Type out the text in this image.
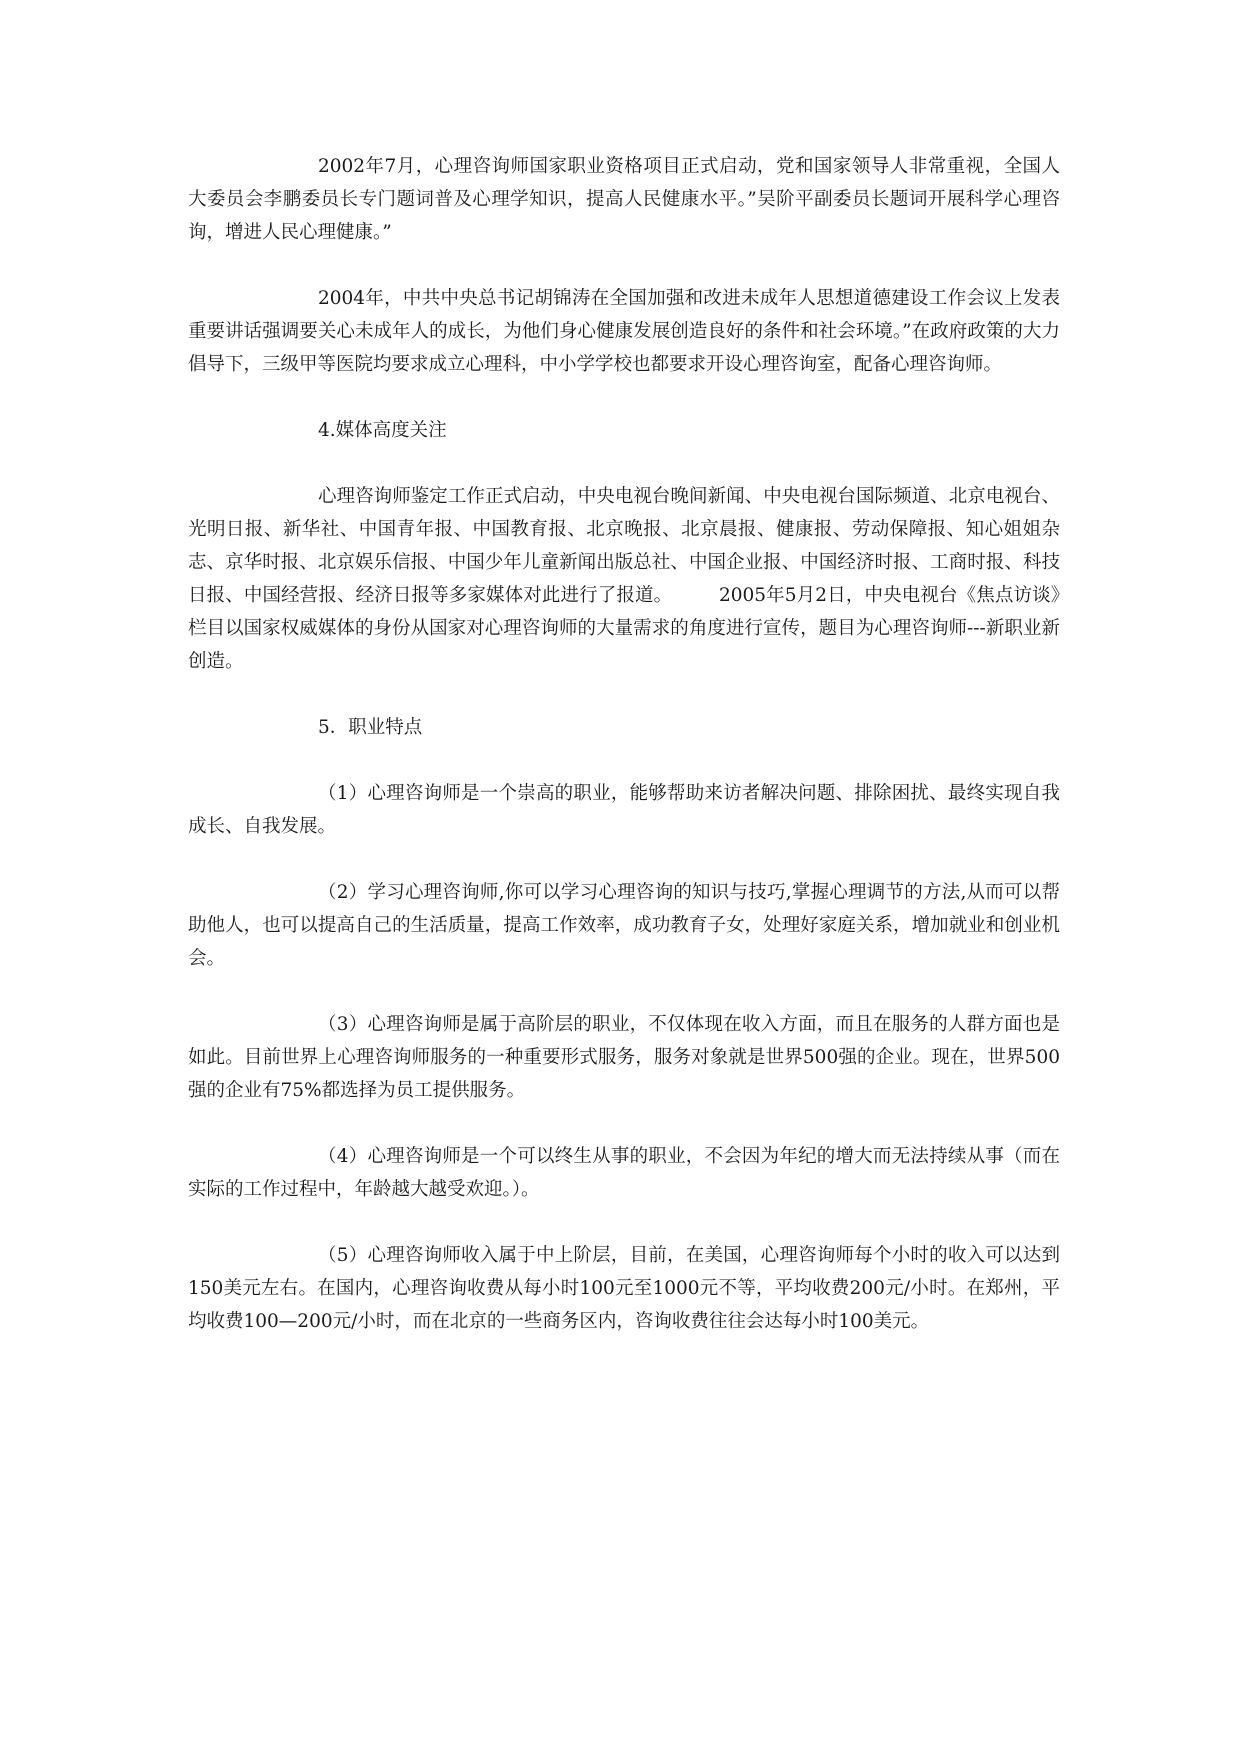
2002年7月，心理咨询师国家职业资格项目正式启动，党和国家领导人非常重视，全国人大委员会李鹏委员长专门题词普及心理学知识，提高人民健康水平。”吴阶平副委员长题词开展科学心理咨询，增进人民心理健康。”

2004年，中共中央总书记胡锦涛在全国加强和改进未成年人思想道德建设工作会议上发表重要讲话强调要关心未成年人的成长，为他们身心健康发展创造良好的条件和社会环境。”在政府政策的大力倡导下，三级甲等医院均要求成立心理科，中小学学校也都要求开设心理咨询室，配备心理咨询师。

4.媒体高度关注

心理咨询师鉴定工作正式启动，中央电视台晚间新闻、中央电视台国际频道、北京电视台、光明日报、新华社、中国青年报、中国教育报、北京晚报、北京晨报、健康报、劳动保障报、知心姐姐杂志、京华时报、北京娱乐信报、中国少年儿童新闻出版总社、中国企业报、中国经济时报、工商时报、科技日报、中国经营报、经济日报等多家媒体对此进行了报道。　　　2005年5月2日，中央电视台《焦点访谈》栏目以国家权威媒体的身份从国家对心理咨询师的大量需求的角度进行宣传，题目为心理咨询师---新职业新创造。

5．职业特点

（1）心理咨询师是一个崇高的职业，能够帮助来访者解决问题、排除困扰、最终实现自我成长、自我发展。

（2）学习心理咨询师,你可以学习心理咨询的知识与技巧,掌握心理调节的方法,从而可以帮助他人，也可以提高自己的生活质量，提高工作效率，成功教育子女，处理好家庭关系，增加就业和创业机会。

（3）心理咨询师是属于高阶层的职业，不仅体现在收入方面，而且在服务的人群方面也是如此。目前世界上心理咨询师服务的一种重要形式服务，服务对象就是世界500强的企业。现在，世界500强的企业有75%都选择为员工提供服务。

（4）心理咨询师是一个可以终生从事的职业，不会因为年纪的增大而无法持续从事（而在实际的工作过程中，年龄越大越受欢迎。）。

（5）心理咨询师收入属于中上阶层，目前，在美国，心理咨询师每个小时的收入可以达到150美元左右。在国内，心理咨询收费从每小时100元至1000元不等，平均收费200元/小时。在郑州，平均收费100—200元/小时，而在北京的一些商务区内，咨询收费往往会达每小时100美元。
